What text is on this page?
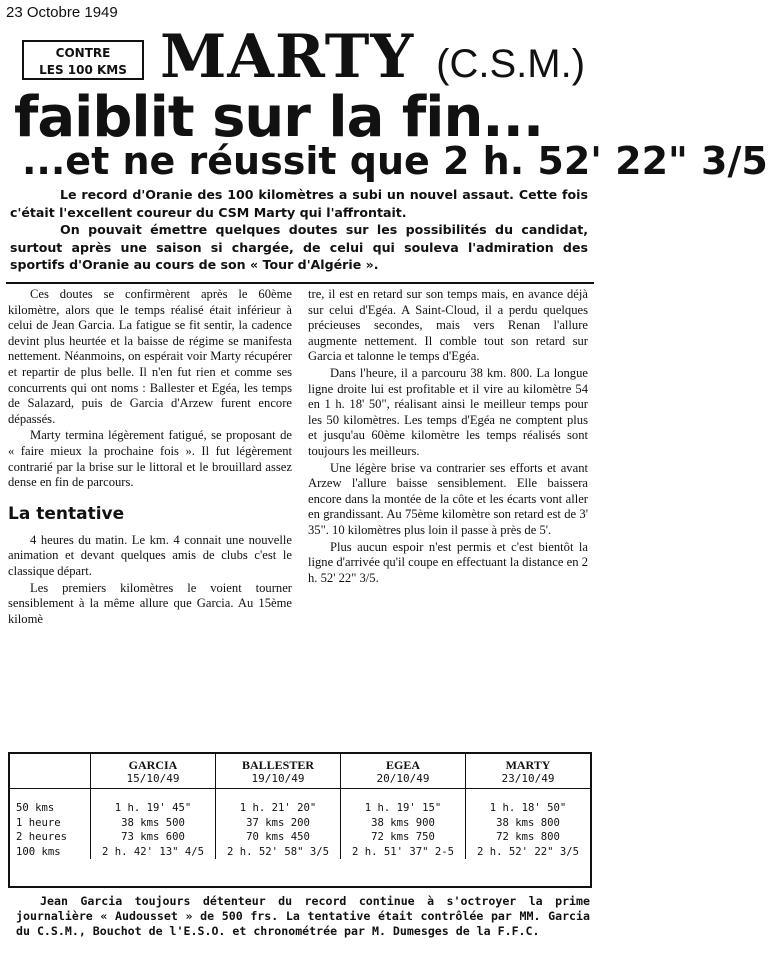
23 Octobre 1949
CONTRE
LES 100 KMS MARTY (C.S.M.)
faiblit sur la fin...
...et ne réussit que 2 h. 52' 22" 3/5

Le record d'Oranie des 100 kilomètres a subi un nouvel assaut. Cette fois c'était l'excellent coureur du CSM Marty qui l'affrontait.

On pouvait émettre quelques doutes sur les possibilités du candidat, surtout après une saison si chargée, de celui qui souleva l'admiration des sportifs d'Oranie au cours de son « Tour d'Algérie ».

Ces doutes se confirmèrent après le 60ème kilomètre, alors que le temps réalisé était inférieur à celui de Jean Garcia. La fatigue se fit sentir, la cadence devint plus heurtée et la baisse de régime se manifesta nettement. Néanmoins, on espérait voir Marty récupérer et repartir de plus belle. Il n'en fut rien et comme ses concurrents qui ont noms : Ballester et Egéa, les temps de Salazard, puis de Garcia d'Arzew furent encore dépassés.

Marty termina légèrement fatigué, se proposant de « faire mieux la prochaine fois ». Il fut légèrement contrarié par la brise sur le littoral et le brouillard assez dense en fin de parcours.

La tentative

4 heures du matin. Le km. 4 connait une nouvelle animation et devant quelques amis de clubs c'est le classique départ.

Les premiers kilomètres le voient tourner sensiblement à la même allure que Garcia. Au 15ème kilomè

tre, il est en retard sur son temps mais, en avance déjà sur celui d'Egéa. A Saint-Cloud, il a perdu quelques précieuses secondes, mais vers Renan l'allure augmente nettement. Il comble tout son retard sur Garcia et talonne le temps d'Egéa.

Dans l'heure, il a parcouru 38 km. 800. La longue ligne droite lui est profitable et il vire au kilomètre 54 en 1 h. 18' 50", réalisant ainsi le meilleur temps pour les 50 kilomètres. Les temps d'Egéa ne comptent plus et jusqu'au 60ème kilomètre les temps réalisés sont toujours les meilleurs.

Une légère brise va contrarier ses efforts et avant Arzew l'allure baisse sensiblement. Elle baissera encore dans la montée de la côte et les écarts vont aller en grandissant. Au 75ème kilomètre son retard est de 3' 35". 10 kilomètres plus loin il passe à près de 5'.

Plus aucun espoir n'est permis et c'est bientôt la ligne d'arrivée qu'il coupe en effectuant la distance en 2 h. 52' 22" 3/5.

	GARCIA
15/10/49	BALLESTER
19/10/49	EGEA
20/10/49	MARTY
23/10/49

50 kms	1 h. 19' 45"	1 h. 21' 20"	1 h. 19' 15"	1 h. 18' 50"
1 heure	38 kms 500	37 kms 200	38 kms 900	38 kms 800
2 heures	73 kms 600	70 kms 450	72 kms 750	72 kms 800
100 kms	2 h. 42' 13" 4/5	2 h. 52' 58" 3/5	2 h. 51' 37" 2-5	2 h. 52' 22" 3/5

Jean Garcia toujours détenteur du record continue à s'octroyer la prime journalière « Audousset » de 500 frs. La tentative était contrôlée par MM. Garcia du C.S.M., Bouchot de l'E.S.O. et chronométrée par M. Dumesges de la F.F.C.
